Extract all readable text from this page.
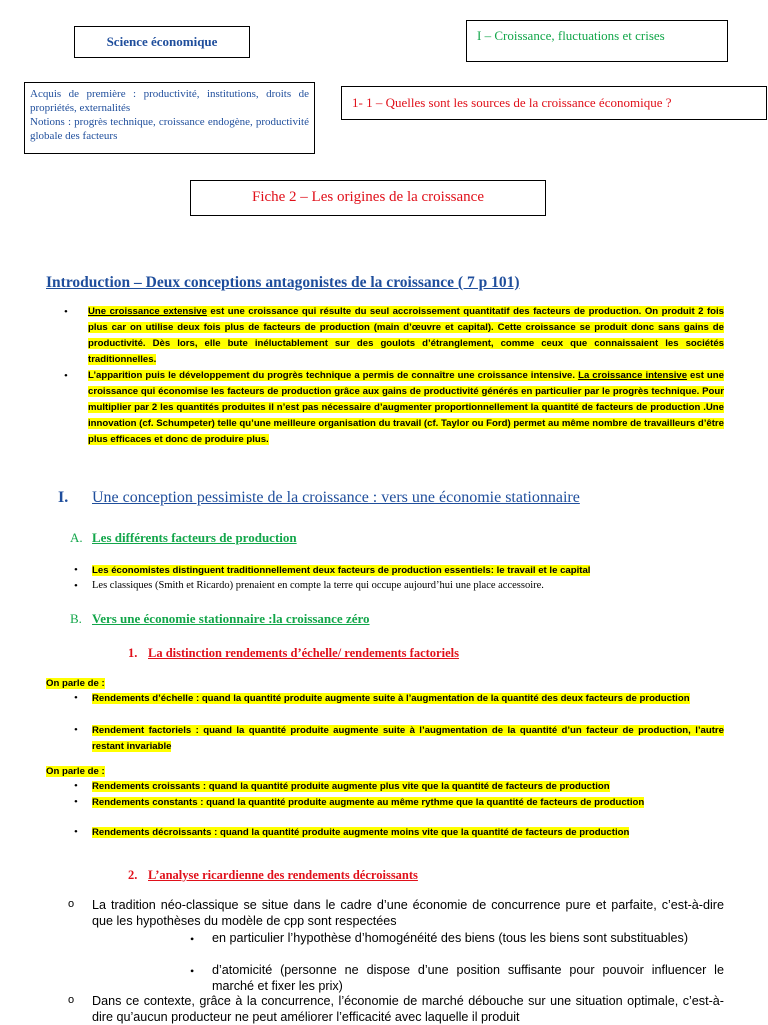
Science économique	I – Croissance, fluctuations et crises
Acquis de première : productivité, institutions, droits de propriétés, externalités
Notions : progrès technique, croissance endogène, productivité globale des facteurs
1- 1 – Quelles sont les sources de la croissance économique ?
Fiche 2 – Les origines de la croissance
Introduction – Deux conceptions antagonistes de la croissance ( 7 p 101)
• Une croissance extensive est une croissance qui résulte du seul accroissement quantitatif des facteurs de production. On produit 2 fois plus car on utilise deux fois plus de facteurs de production (main d’œuvre et capital). Cette croissance se produit donc sans gains de productivité. Dès lors, elle bute inéluctablement sur des goulots d’étranglement, comme ceux que connaissaient les sociétés traditionnelles.
• L’apparition puis le développement du progrès technique a permis de connaître une croissance intensive. La croissance intensive est une croissance qui économise les facteurs de production grâce aux gains de productivité générés en particulier par le progrès technique. Pour multiplier par 2 les quantités produites il n’est pas nécessaire d’augmenter proportionnellement la quantité de facteurs de production .Une innovation (cf. Schumpeter) telle qu’une meilleure organisation du travail (cf. Taylor ou Ford) permet au même nombre de travailleurs d’être plus efficaces et donc de produire plus.
I. Une conception pessimiste de la croissance : vers une économie stationnaire
A. Les différents facteurs de production
• Les économistes distinguent traditionnellement deux facteurs de production essentiels: le travail et le capital
• Les classiques (Smith et Ricardo) prenaient en compte la terre qui occupe aujourd’hui une place accessoire.
B. Vers une économie stationnaire :la croissance zéro
1. La distinction rendements d’échelle/ rendements factoriels
On parle de :
• Rendements d’échelle : quand la quantité produite augmente suite à l’augmentation de la quantité des deux facteurs de production
• Rendement factoriels : quand la quantité produite augmente suite à l’augmentation de la quantité d’un facteur de production, l’autre restant invariable
On parle de :
• Rendements croissants : quand la quantité produite augmente plus vite que la quantité de facteurs de production
• Rendements constants : quand la quantité produite augmente au même rythme que la quantité de facteurs de production
• Rendements décroissants : quand la quantité produite augmente moins vite que la quantité de facteurs de production
2. L’analyse ricardienne des rendements décroissants
o La tradition néo-classique se situe dans le cadre d’une économie de concurrence pure et parfaite, c’est-à-dire que les hypothèses du modèle de cpp sont respectées
• en particulier l’hypothèse d’homogénéité des biens (tous les biens sont substituables)
• d’atomicité (personne ne dispose d’une position suffisante pour pouvoir influencer le marché et fixer les prix)
o Dans ce contexte, grâce à la concurrence, l’économie de marché débouche sur une situation optimale, c’est-à-dire qu’aucun producteur ne peut améliorer l’efficacité avec laquelle il produit
